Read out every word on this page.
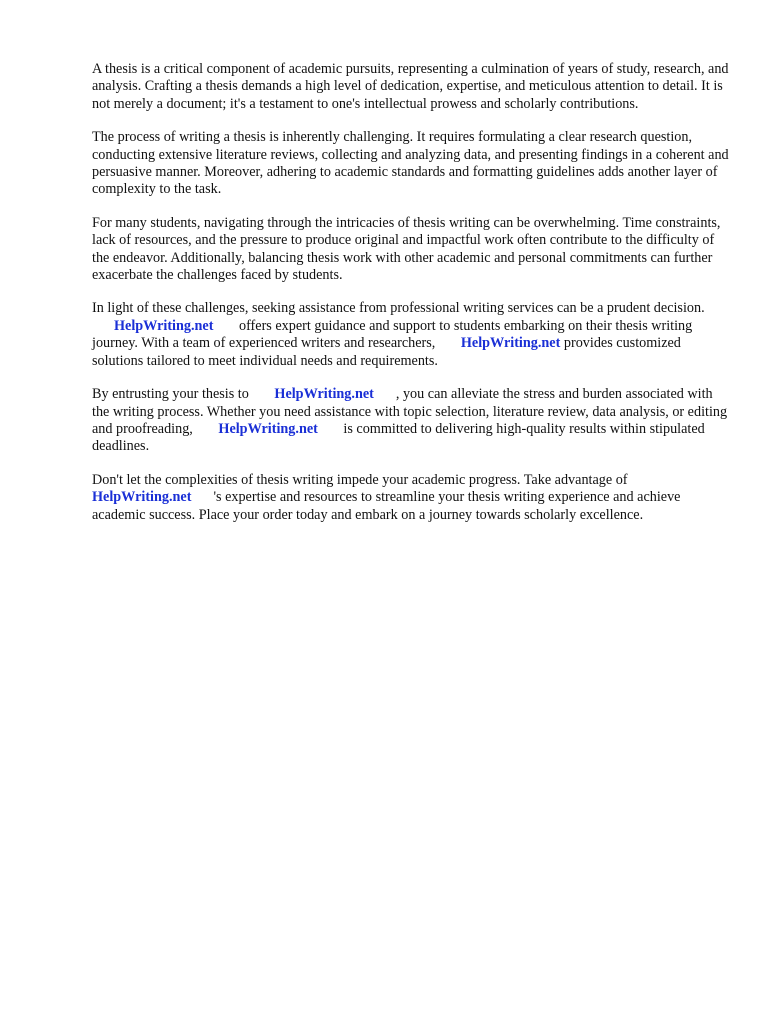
A thesis is a critical component of academic pursuits, representing a culmination of years of study, research, and analysis. Crafting a thesis demands a high level of dedication, expertise, and meticulous attention to detail. It is not merely a document; it's a testament to one's intellectual prowess and scholarly contributions.

The process of writing a thesis is inherently challenging. It requires formulating a clear research question, conducting extensive literature reviews, collecting and analyzing data, and presenting findings in a coherent and persuasive manner. Moreover, adhering to academic standards and formatting guidelines adds another layer of complexity to the task.

For many students, navigating through the intricacies of thesis writing can be overwhelming. Time constraints, lack of resources, and the pressure to produce original and impactful work often contribute to the difficulty of the endeavor. Additionally, balancing thesis work with other academic and personal commitments can further exacerbate the challenges faced by students.

In light of these challenges, seeking assistance from professional writing services can be a prudent decision. HelpWriting.net offers expert guidance and support to students embarking on their thesis writing journey. With a team of experienced writers and researchers, HelpWriting.net provides customized solutions tailored to meet individual needs and requirements.

By entrusting your thesis to HelpWriting.net , you can alleviate the stress and burden associated with the writing process. Whether you need assistance with topic selection, literature review, data analysis, or editing and proofreading, HelpWriting.net is committed to delivering high-quality results within stipulated deadlines.

Don't let the complexities of thesis writing impede your academic progress. Take advantage of HelpWriting.net 's expertise and resources to streamline your thesis writing experience and achieve academic success. Place your order today and embark on a journey towards scholarly excellence.
